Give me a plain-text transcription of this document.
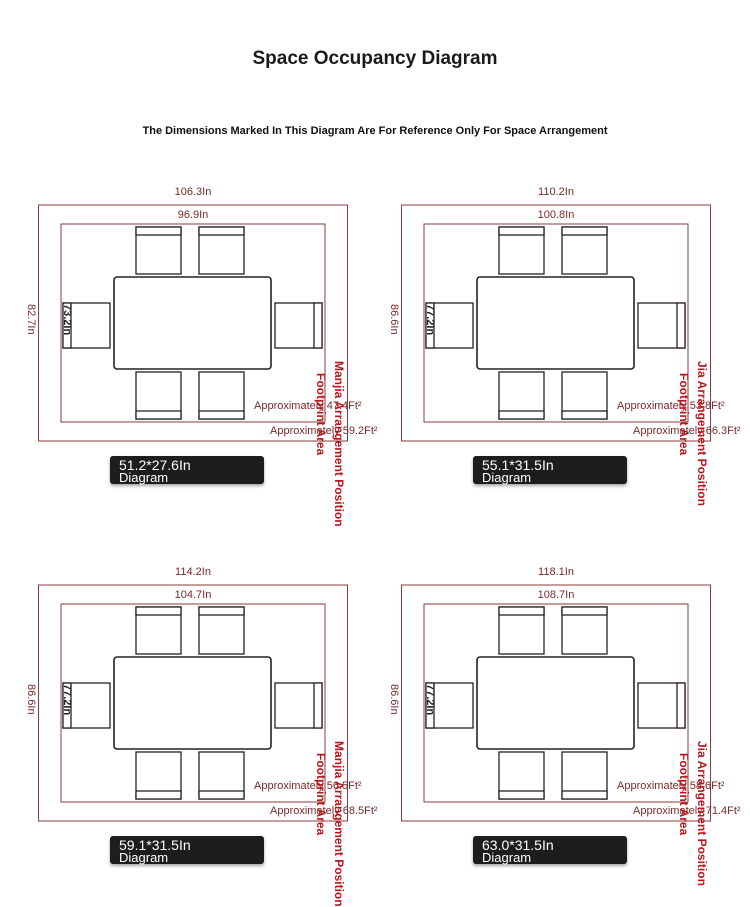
Space Occupancy Diagram
The Dimensions Marked In This Diagram Are For Reference Only For Space Arrangement
106.3In
96.9In
82.7In 73.2In
Approximately 47.4Ft²
Approximately 59.2Ft²
Footprint Area Manjia Arrangement Position
51.2*27.6In
Diagram
110.2In
100.8In
86.6In 77.2In
Approximately 53.8Ft²
Approximately 66.3Ft²
Footprint Area Jia Arrangement Position
55.1*31.5In
Diagram
114.2In
104.7In
86.6In 77.2In
Approximately 56.5Ft²
Approximately 68.5Ft²
Footprint Area Manjia Arrangement Position
59.1*31.5In
Diagram
118.1In
108.7In
86.6In 77.2In
Approximately 58.6Ft²
Approximately 71.4Ft²
Footprint Area Jia Arrangement Position
63.0*31.5In
Diagram
